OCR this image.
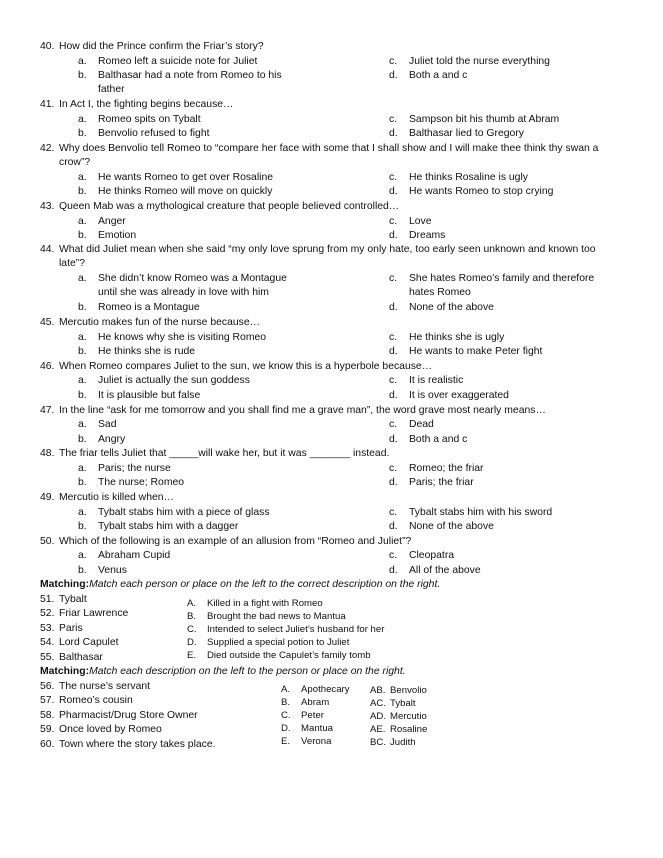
40. How did the Prince confirm the Friar’s story?
a. Romeo left a suicide note for Juliet
b.	Balthasar had a note from Romeo to his father
c. Juliet told the nurse everything
d. Both a and c
41. In Act I, the fighting begins because…
a. Romeo spits on Tybalt
b. Benvolio refused to fight
c. Sampson bit his thumb at Abram
d. Balthasar lied to Gregory
42. Why does Benvolio tell Romeo to “compare her face with some that I shall show and I will make thee think thy swan a crow”?
a. He wants Romeo to get over Rosaline
b. He thinks Romeo will move on quickly
c. He thinks Rosaline is ugly
d. He wants Romeo to stop crying
43. Queen Mab was a mythological creature that people believed controlled…
a. Anger
b. Emotion
c. Love
d. Dreams
44. What did Juliet mean when she said “my only love sprung from my only hate, too early seen unknown and known too late”?
a.	She didn’t know Romeo was a Montague until she was already in love with him
b. Romeo is a Montague
c.	She hates Romeo’s family and therefore hates Romeo
d. None of the above
45. Mercutio makes fun of the nurse because…
a. He knows why she is visiting Romeo
b. He thinks she is rude
c. He thinks she is ugly
d. He wants to make Peter fight
46. When Romeo compares Juliet to the sun, we know this is a hyperbole because…
a. Juliet is actually the sun goddess
b. It is plausible but false
c. It is realistic
d. It is over exaggerated
47. In the line “ask for me tomorrow and you shall find me a grave man”, the word grave most nearly means…
a. Sad
b. Angry
c. Dead
d. Both a and c
48. The friar tells Juliet that _____will wake her, but it was _______ instead.
a. Paris; the nurse
b. The nurse; Romeo
c. Romeo; the friar
d. Paris; the friar
49. Mercutio is killed when…
a. Tybalt stabs him with a piece of glass
b. Tybalt stabs him with a dagger
c. Tybalt stabs him with his sword
d. None of the above
50. Which of the following is an example of an allusion from “Romeo and Juliet”?
a. Abraham Cupid
b. Venus
c. Cleopatra
d. All of the above
Matching:Match each person or place on the left to the correct description on the right.
51. Tybalt
52. Friar Lawrence
53. Paris
54. Lord Capulet
55. Balthasar
A. Killed in a fight with Romeo
B. Brought the bad news to Mantua
C. Intended to select Juliet’s husband for her
D. Supplied a special potion to Juliet
E. Died outside the Capulet’s family tomb
Matching:Match each description on the left to the person or place on the right.
56. The nurse’s servant
57. Romeo’s cousin
58. Pharmacist/Drug Store Owner
59. Once loved by Romeo
60. Town where the story takes place.
A. Apothecary
B. Abram
C. Peter
D. Mantua
E. Verona
AB. Benvolio
AC. Tybalt
AD. Mercutio
AE. Rosaline
BC. Judith
